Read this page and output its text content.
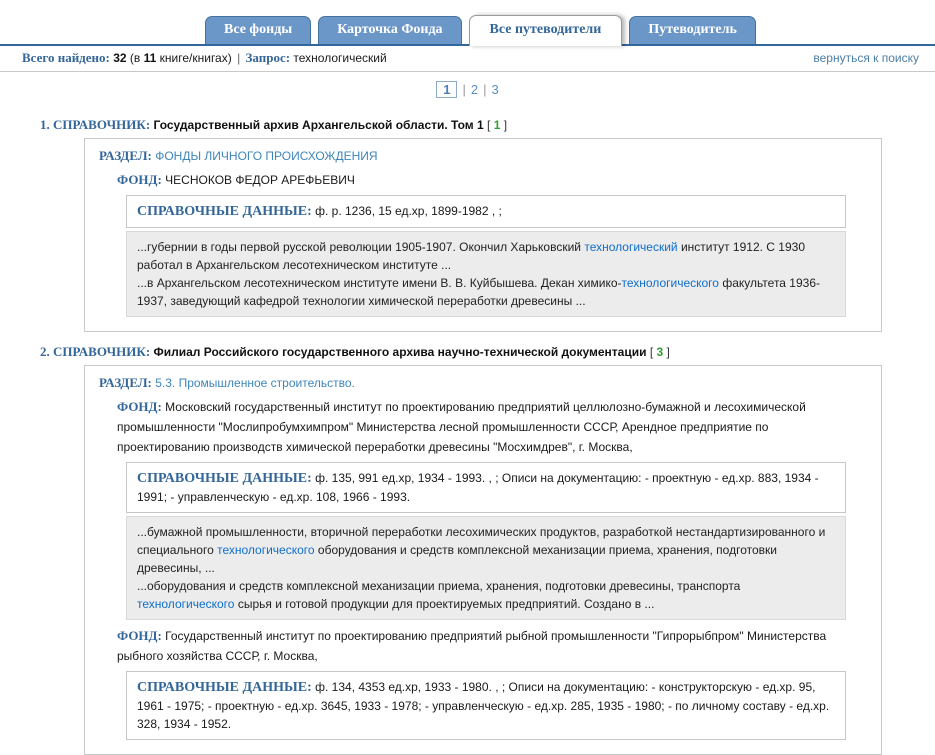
Все фонды	Карточка Фонда	Все путеводители	Путеводитель
Всего найдено: 32 (в 11 книге/книгах) | Запрос: технологический	вернуться к поиску
1 | 2 | 3
1. СПРАВОЧНИК: Государственный архив Архангельской области. Том 1 [ 1 ]
РАЗДЕЛ: ФОНДЫ ЛИЧНОГО ПРОИСХОЖДЕНИЯ
ФОНД: ЧЕСНОКОВ ФЕДОР АРЕФЬЕВИЧ
СПРАВОЧНЫЕ ДАННЫЕ: ф. р. 1236, 15 ед.хр, 1899-1982 , ;
...губернии в годы первой русской революции 1905-1907. Окончил Харьковский технологический институт 1912. С 1930 работал в Архангельском лесотехническом институте ...
...в Архангельском лесотехническом институте имени В. В. Куйбышева. Декан химико-технологического факультета 1936-1937, заведующий кафедрой технологии химической переработки древесины ...
2. СПРАВОЧНИК: Филиал Российского государственного архива научно-технической документации [ 3 ]
РАЗДЕЛ: 5.3. Промышленное строительство.
ФОНД: Московский государственный институт по проектированию предприятий целлюлозно-бумажной и лесохимической промышленности "Мослипробумхимпром" Министерства лесной промышленности СССР, Арендное предприятие по проектированию производств химической переработки древесины "Мосхимдрев", г. Москва,
СПРАВОЧНЫЕ ДАННЫЕ: ф. 135, 991 ед.хр, 1934 - 1993. , ; Описи на документацию: - проектную - ед.хр. 883, 1934 - 1991; - управленческую - ед.хр. 108, 1966 - 1993.
...бумажной промышленности, вторичной переработки лесохимических продуктов, разработкой нестандартизированного и специального технологического оборудования и средств комплексной механизации приема, хранения, подготовки древесины, ...
...оборудования и средств комплексной механизации приема, хранения, подготовки древесины, транспорта технологического сырья и готовой продукции для проектируемых предприятий. Создано в ...
ФОНД: Государственный институт по проектированию предприятий рыбной промышленности "Гипрорыбпром" Министерства рыбного хозяйства СССР, г. Москва,
СПРАВОЧНЫЕ ДАННЫЕ: ф. 134, 4353 ед.хр, 1933 - 1980. , ; Описи на документацию: - конструкторскую - ед.хр. 95, 1961 - 1975; - проектную - ед.хр. 3645, 1933 - 1978; - управленческую - ед.хр. 285, 1935 - 1980; - по личному составу - ед.хр. 328, 1934 - 1952.
